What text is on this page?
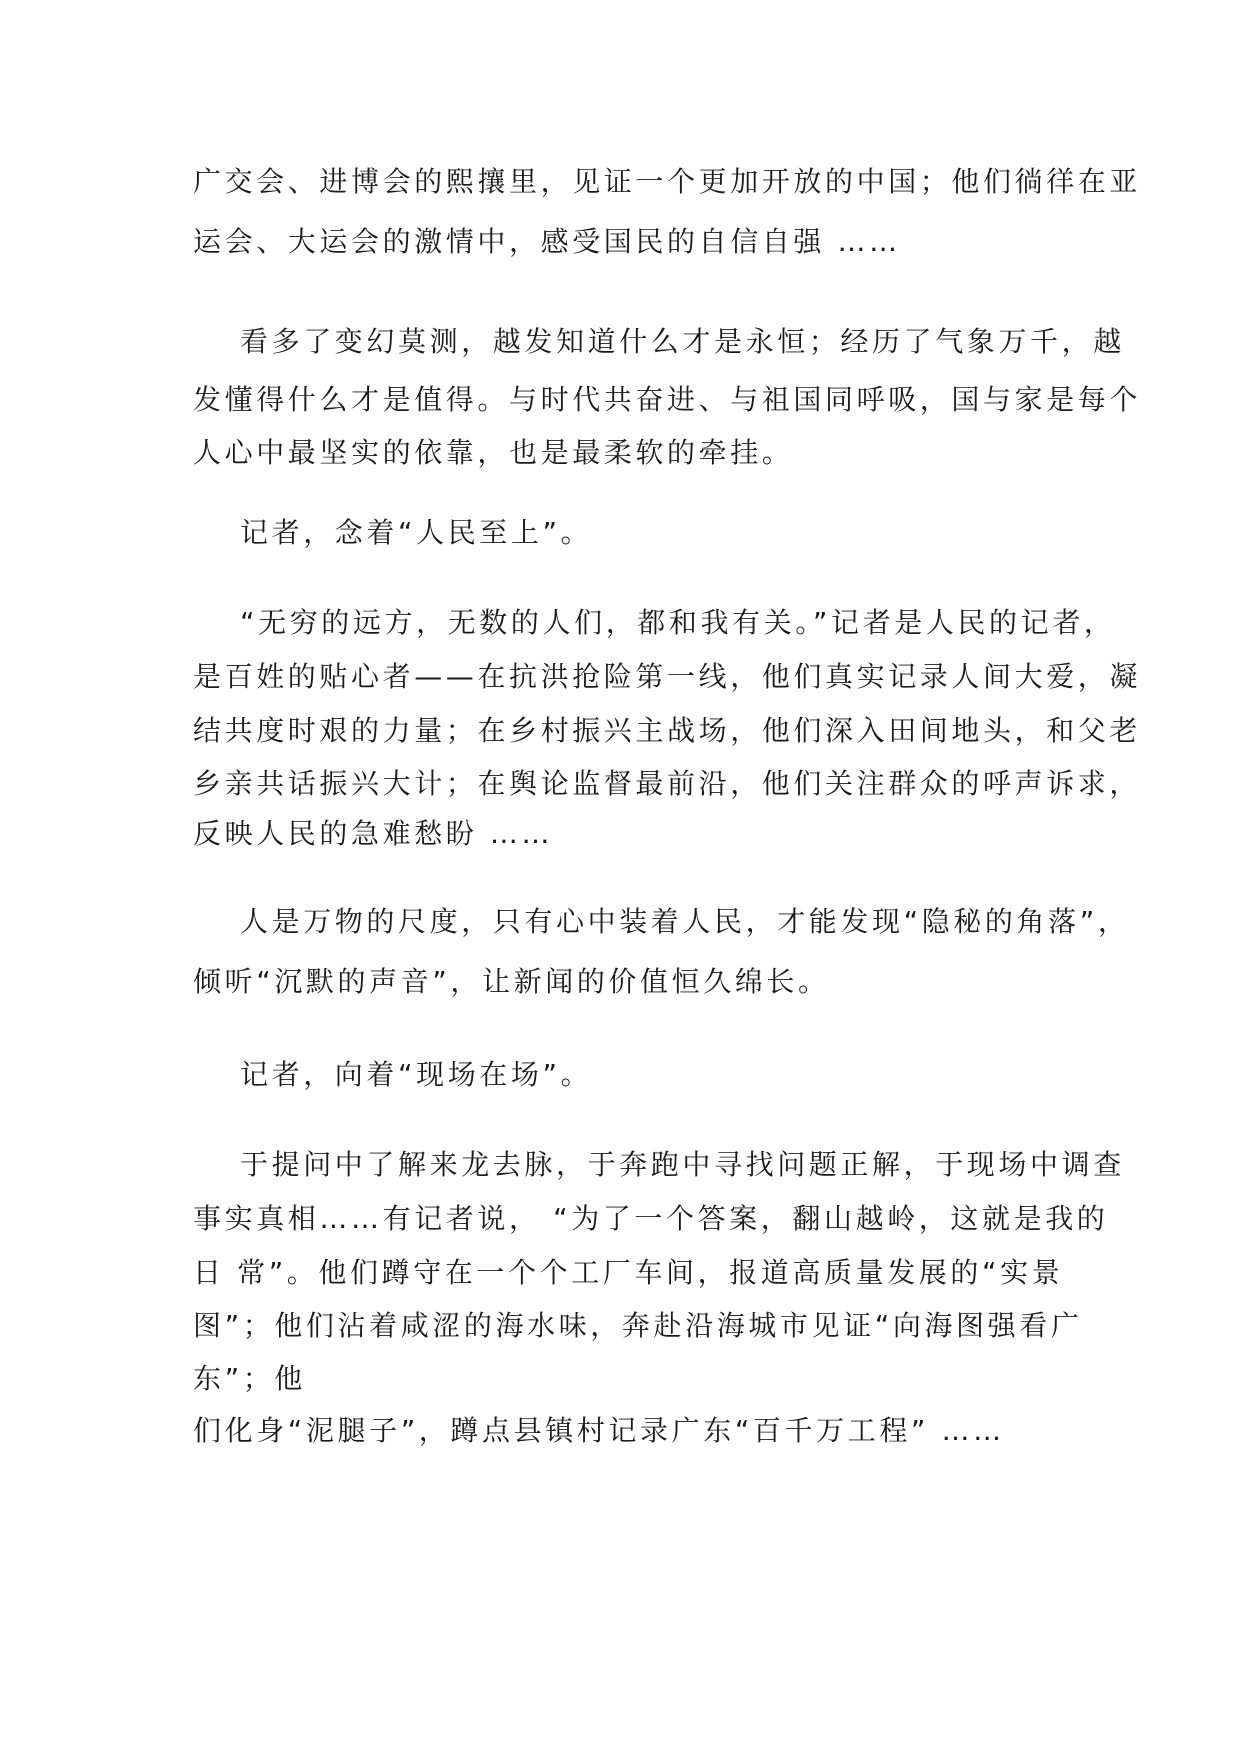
广交会、进博会的熙攘里，见证一个更加开放的中国；他们徜徉在亚

运会、大运会的激情中，感受国民的自信自强 ……

看多了变幻莫测，越发知道什么才是永恒；经历了气象万千，越

发懂得什么才是值得。与时代共奋进、与祖国同呼吸，国与家是每个

人心中最坚实的依靠，也是最柔软的牵挂。

记者，念着“人民至上”。

“无穷的远方，无数的人们，都和我有关。”记者是人民的记者，

是百姓的贴心者——在抗洪抢险第一线，他们真实记录人间大爱，凝

结共度时艰的力量；在乡村振兴主战场，他们深入田间地头，和父老

乡亲共话振兴大计；在舆论监督最前沿，他们关注群众的呼声诉求，

反映人民的急难愁盼 ……

人是万物的尺度，只有心中装着人民，才能发现“隐秘的角落”，

倾听“沉默的声音”，让新闻的价值恒久绵长。

记者，向着“现场在场”。

于提问中了解来龙去脉，于奔跑中寻找问题正解，于现场中调查

事实真相……有记者说， “为了一个答案，翻山越岭，这就是我的

日 常”。他们蹲守在一个个工厂车间，报道高质量发展的“实景

图”；他们沾着咸涩的海水味，奔赴沿海城市见证“向海图强看广

东”；他

们化身“泥腿子”，蹲点县镇村记录广东“百千万工程” ……
